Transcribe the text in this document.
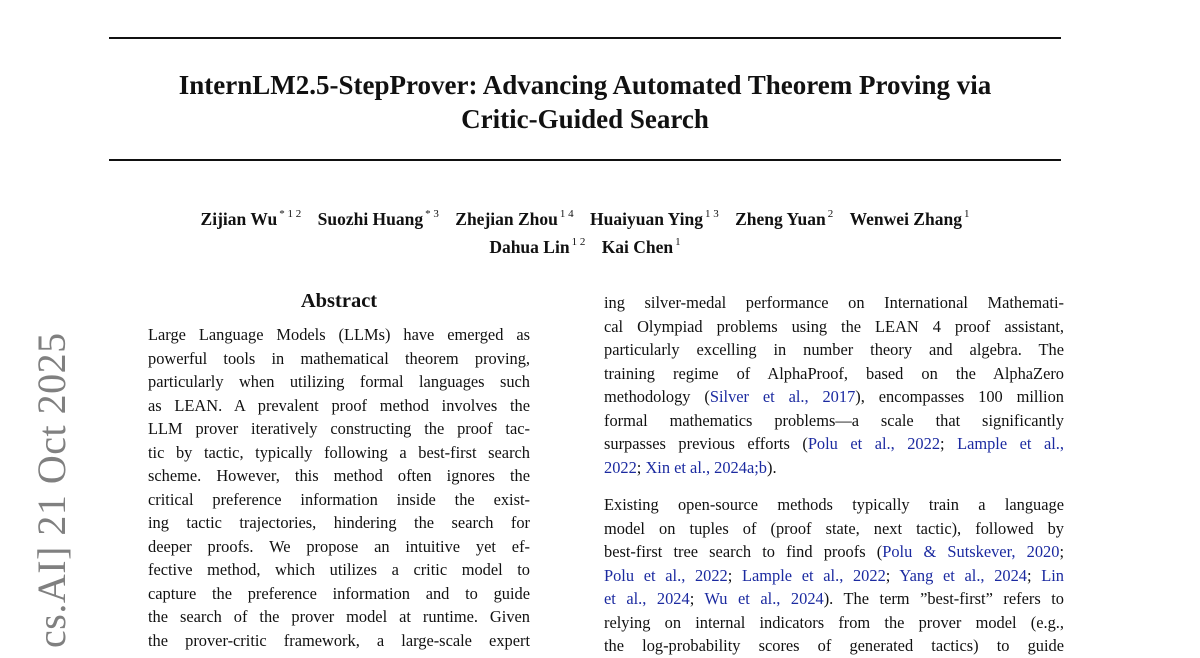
InternLM2.5-StepProver: Advancing Automated Theorem Proving via
Critic-Guided Search
Zijian Wu $^{* 1 2}$ Suozhi Huang $^{* 3}$ Zhejian Zhou $^{1 4}$ Huaiyuan Ying $^{1 3}$ Zheng Yuan $^2$ Wenwei Zhang $^1$
Dahua Lin $^{1 2}$ Kai Chen $^1$
cs.AI] 21 Oct 2025
Abstract
Large Language Models (LLMs) have emerged as
powerful tools in mathematical theorem proving,
particularly when utilizing formal languages such
as LEAN. A prevalent proof method involves the
LLM prover iteratively constructing the proof tac-
tic by tactic, typically following a best-first search
scheme. However, this method often ignores the
critical preference information inside the exist-
ing tactic trajectories, hindering the search for
deeper proofs. We propose an intuitive yet ef-
fective method, which utilizes a critic model to
capture the preference information and to guide
the search of the prover model at runtime. Given
the prover-critic framework, a large-scale expert
ing silver-medal performance on International Mathemati-
cal Olympiad problems using the LEAN 4 proof assistant,
particularly excelling in number theory and algebra. The
training regime of AlphaProof, based on the AlphaZero
methodology (Silver et al., 2017), encompasses 100 million
formal mathematics problems—a scale that significantly
surpasses previous efforts (Polu et al., 2022; Lample et al.,
2022; Xin et al., 2024a;b).
Existing open-source methods typically train a language
model on tuples of (proof state, next tactic), followed by
best-first tree search to find proofs (Polu & Sutskever, 2020;
Polu et al., 2022; Lample et al., 2022; Yang et al., 2024; Lin
et al., 2024; Wu et al., 2024). The term ”best-first” refers to
relying on internal indicators from the prover model (e.g.,
the log-probability scores of generated tactics) to guide
